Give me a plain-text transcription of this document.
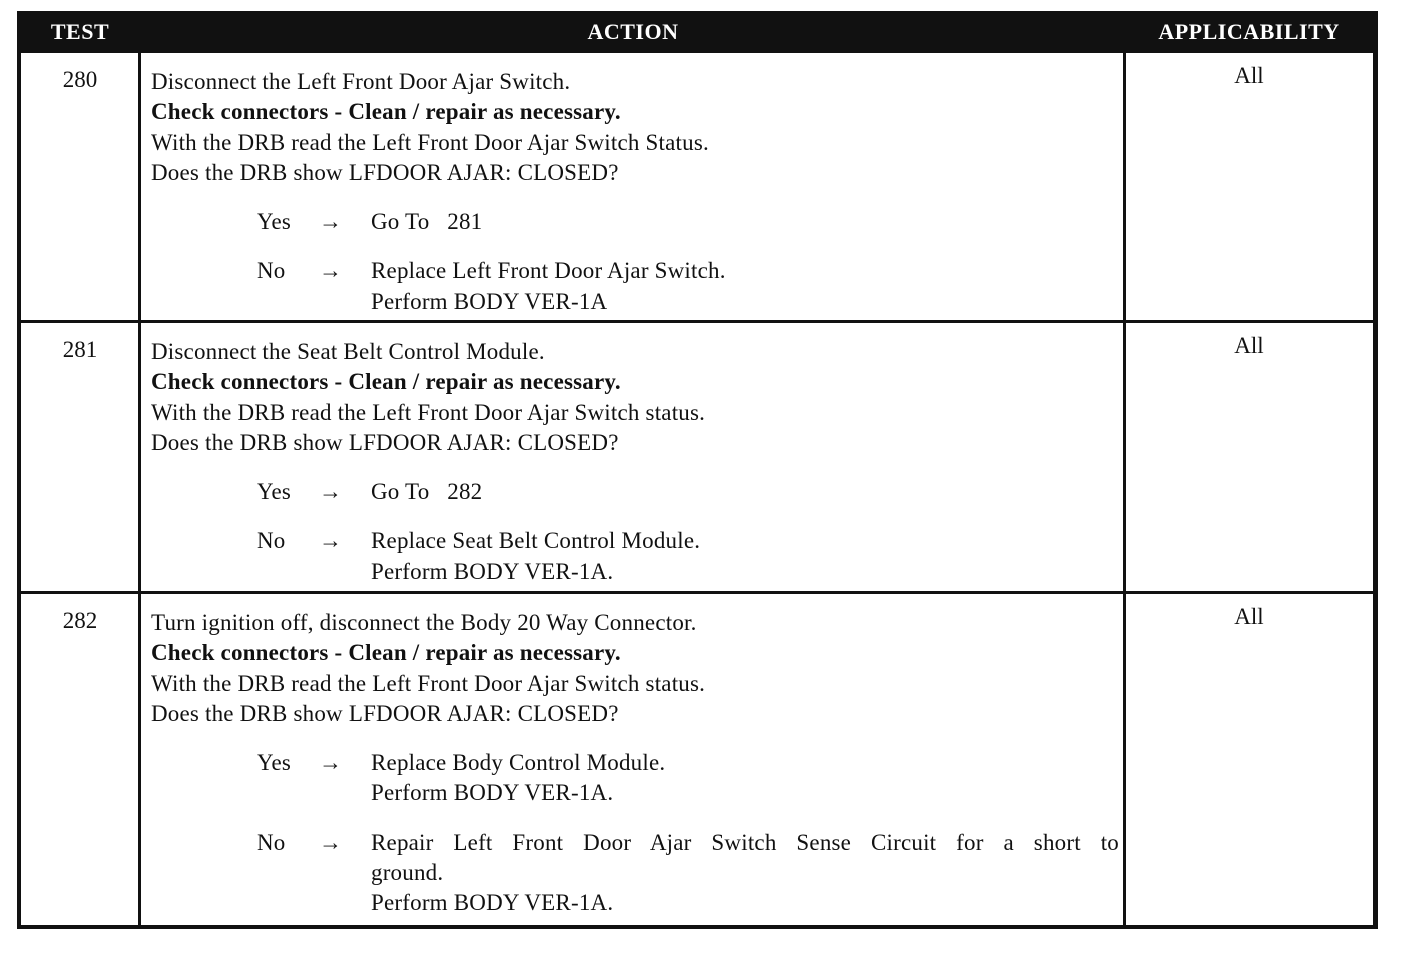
TEST	ACTION	APPLICABILITY
280	Disconnect the Left Front Door Ajar Switch.
Check connectors - Clean / repair as necessary.
With the DRB read the Left Front Door Ajar Switch Status.
Does the DRB show LFDOOR AJAR: CLOSED?
Yes	→	Go To   281
No	→	Replace Left Front Door Ajar Switch.
Perform BODY VER-1A
All
281	Disconnect the Seat Belt Control Module.
Check connectors - Clean / repair as necessary.
With the DRB read the Left Front Door Ajar Switch status.
Does the DRB show LFDOOR AJAR: CLOSED?
Yes	→	Go To   282
No	→	Replace Seat Belt Control Module.
Perform BODY VER-1A.
All
282	Turn ignition off, disconnect the Body 20 Way Connector.
Check connectors - Clean / repair as necessary.
With the DRB read the Left Front Door Ajar Switch status.
Does the DRB show LFDOOR AJAR: CLOSED?
Yes	→	Replace Body Control Module.
Perform BODY VER-1A.
No	→	Repair Left Front Door Ajar Switch Sense Circuit for a short to
ground.
Perform BODY VER-1A.
All
